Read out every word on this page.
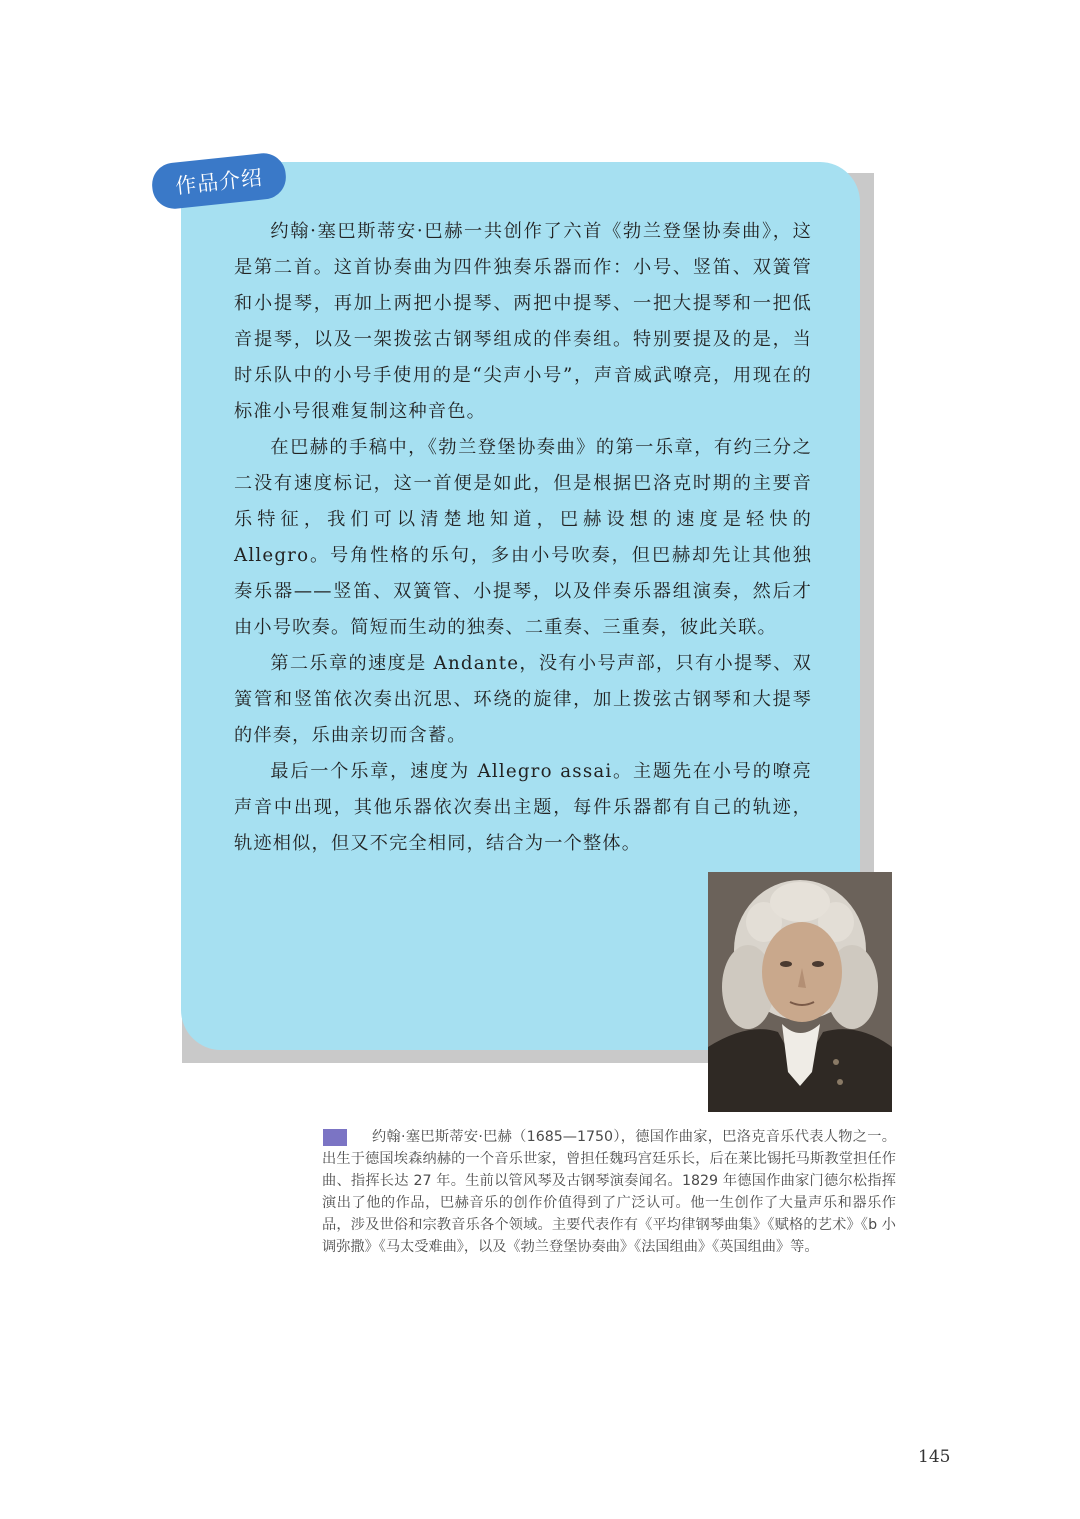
作品介绍

约翰·塞巴斯蒂安·巴赫一共创作了六首《勃兰登堡协奏曲》，这是第二首。这首协奏曲为四件独奏乐器而作：小号、竖笛、双簧管和小提琴，再加上两把小提琴、两把中提琴、一把大提琴和一把低音提琴，以及一架拨弦古钢琴组成的伴奏组。特别要提及的是，当时乐队中的小号手使用的是“尖声小号”，声音威武嘹亮，用现在的标准小号很难复制这种音色。

在巴赫的手稿中，《勃兰登堡协奏曲》的第一乐章，有约三分之二没有速度标记，这一首便是如此，但是根据巴洛克时期的主要音乐特征，我们可以清楚地知道，巴赫设想的速度是轻快的 Allegro。号角性格的乐句，多由小号吹奏，但巴赫却先让其他独奏乐器——竖笛、双簧管、小提琴，以及伴奏乐器组演奏，然后才由小号吹奏。简短而生动的独奏、二重奏、三重奏，彼此关联。

第二乐章的速度是 Andante，没有小号声部，只有小提琴、双簧管和竖笛依次奏出沉思、环绕的旋律，加上拨弦古钢琴和大提琴的伴奏，乐曲亲切而含蓄。

最后一个乐章，速度为 Allegro assai。主题先在小号的嘹亮声音中出现，其他乐器依次奏出主题，每件乐器都有自己的轨迹，轨迹相似，但又不完全相同，结合为一个整体。

约翰·塞巴斯蒂安·巴赫（1685—1750），德国作曲家，巴洛克音乐代表人物之一。出生于德国埃森纳赫的一个音乐世家，曾担任魏玛宫廷乐长，后在莱比锡托马斯教堂担任作曲、指挥长达 27 年。生前以管风琴及古钢琴演奏闻名。1829 年德国作曲家门德尔松指挥演出了他的作品，巴赫音乐的创作价值得到了广泛认可。他一生创作了大量声乐和器乐作品，涉及世俗和宗教音乐各个领域。主要代表作有《平均律钢琴曲集》《赋格的艺术》《b 小调弥撒》《马太受难曲》，以及《勃兰登堡协奏曲》《法国组曲》《英国组曲》等。

145
